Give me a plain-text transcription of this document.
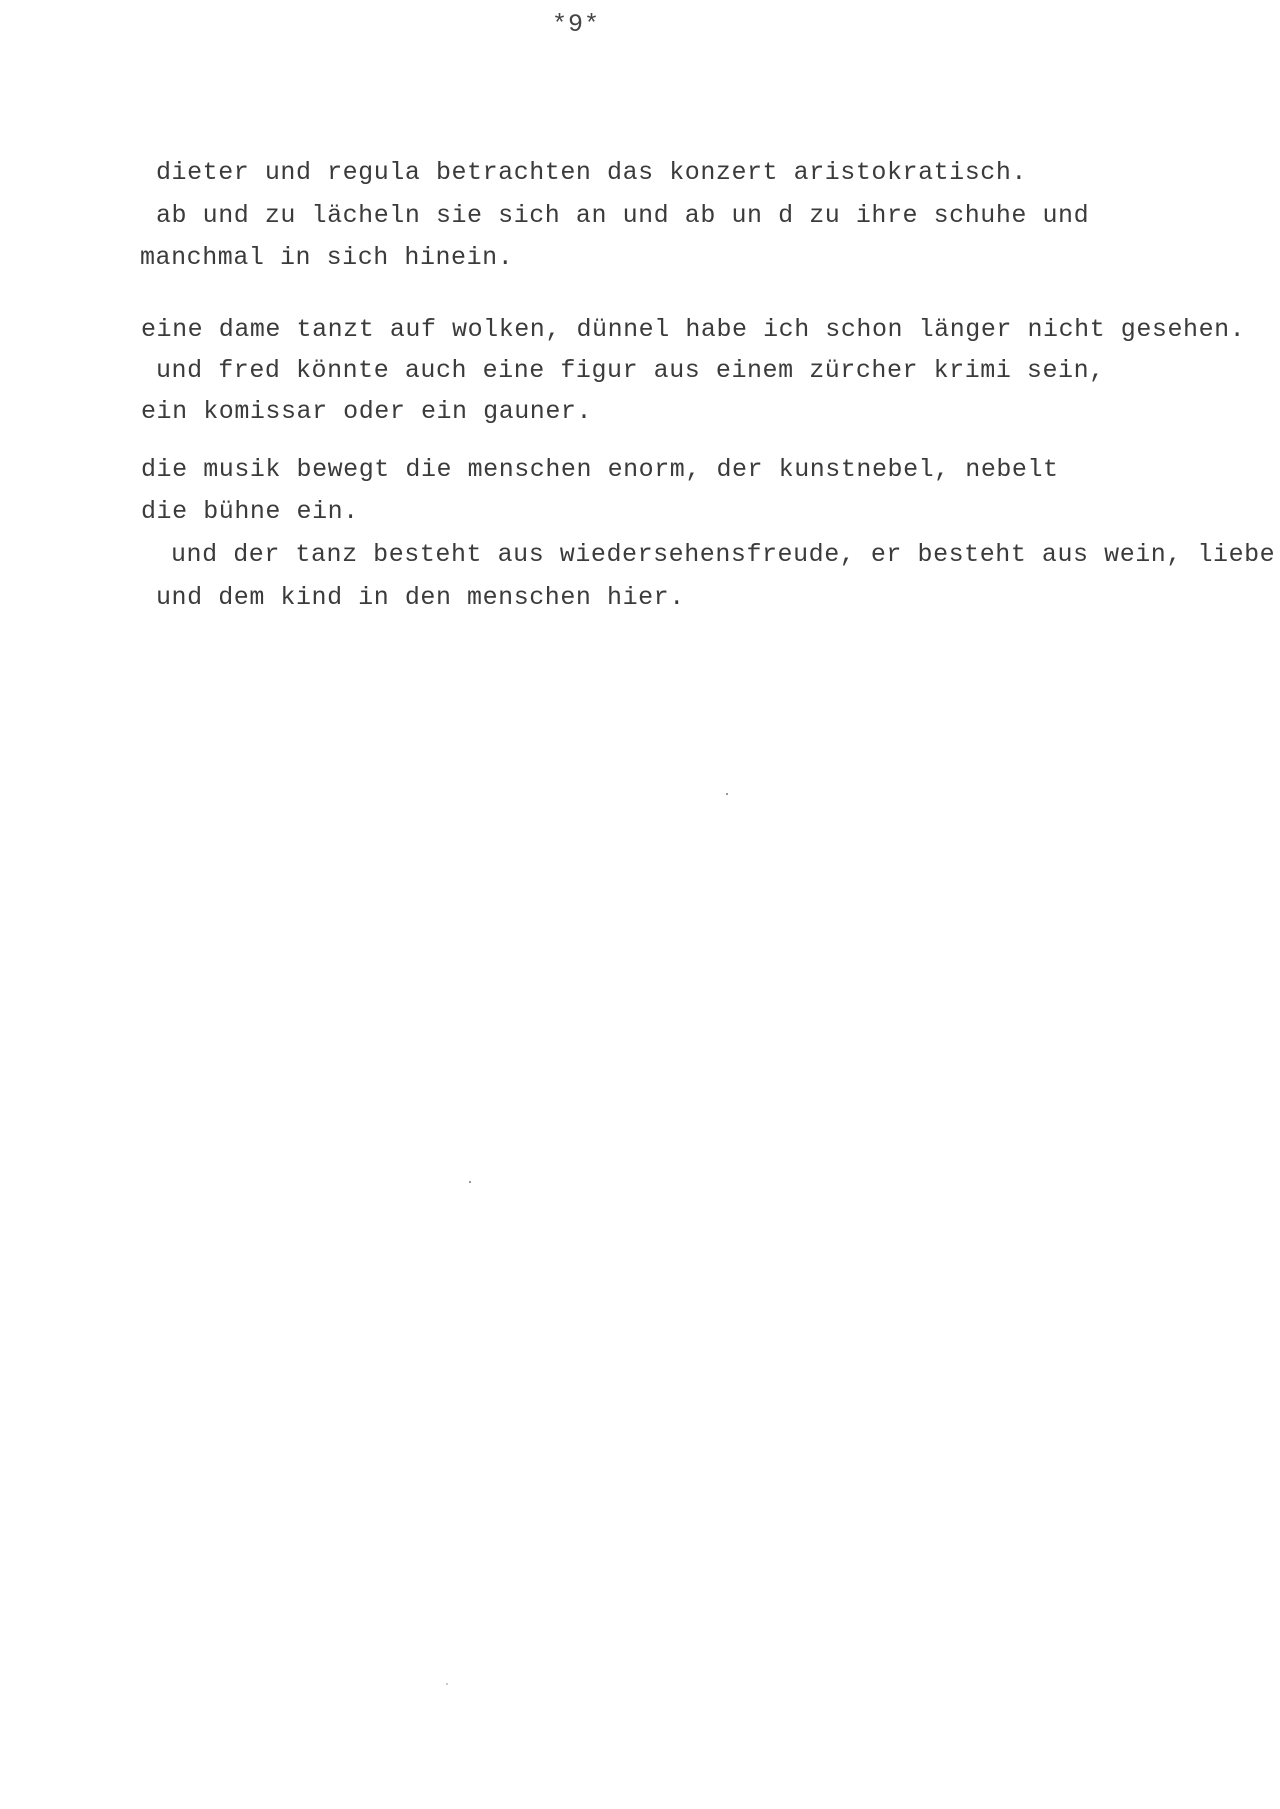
*9*
dieter und regula betrachten das konzert aristokratisch.
ab und zu lächeln sie sich an und ab un d zu ihre schuhe und
manchmal in sich hinein.
eine dame tanzt auf wolken, dünnel habe ich schon länger nicht gesehen.
und fred könnte auch eine figur aus einem zürcher krimi sein,
ein komissar oder ein gauner.
die musik bewegt die menschen enorm, der kunstnebel, nebelt
die bühne ein.
und der tanz besteht aus wiedersehensfreude, er besteht aus wein, liebe
und dem kind in den menschen hier.
